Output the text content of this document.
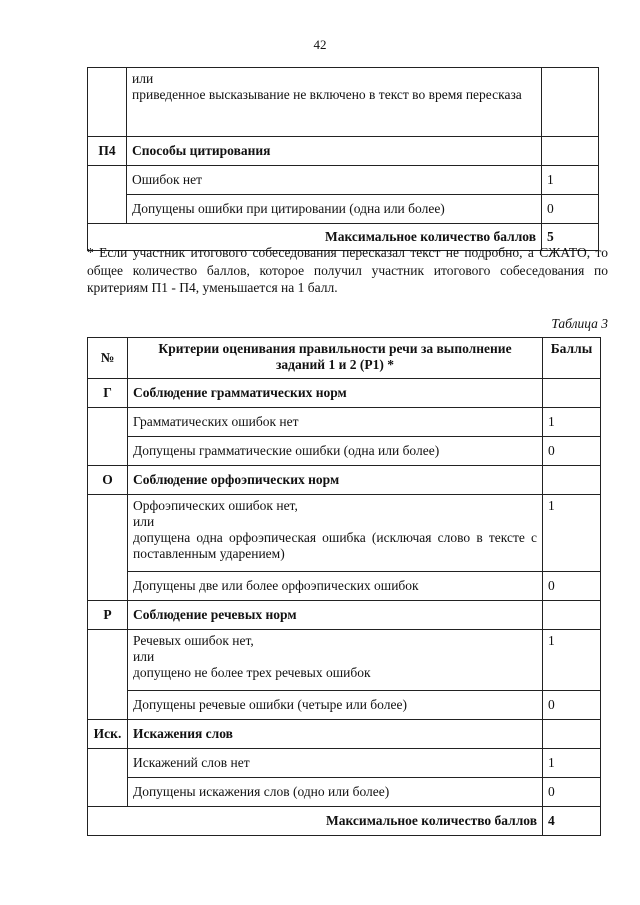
42

	или
приведенное высказывание не включено в текст во время пересказа	

П4	Способы цитирования	
	Ошибок нет	1
	Допущены ошибки при цитировании (одна или более)	0
Максимальное количество баллов		5
* Если участник итогового собеседования пересказал текст не подробно, а СЖАТО, то общее количество баллов, которое получил участник итогового собеседования по критериям П1 - П4, уменьшается на 1 балл.
Таблица 3
№	Критерии оценивания правильности речи за выполнение заданий 1 и 2 (Р1) *	Баллы
Г	Соблюдение грамматических норм	
	Грамматических ошибок нет	1
	Допущены грамматические ошибки (одна или более)	0
О	Соблюдение орфоэпических норм	

	Орфоэпических ошибок нет,
или
допущена одна орфоэпическая ошибка (исключая слово в тексте с поставленным ударением)	1
	Допущены две или более орфоэпических ошибок	0
Р	Соблюдение речевых норм	

	Речевых ошибок нет,
или
допущено не более трех речевых ошибок	1
	Допущены речевые ошибки (четыре или более)	0
Иск.	Искажения слов	
	Искажений слов нет	1
	Допущены искажения слов (одно или более)	0
Максимальное количество баллов		4
